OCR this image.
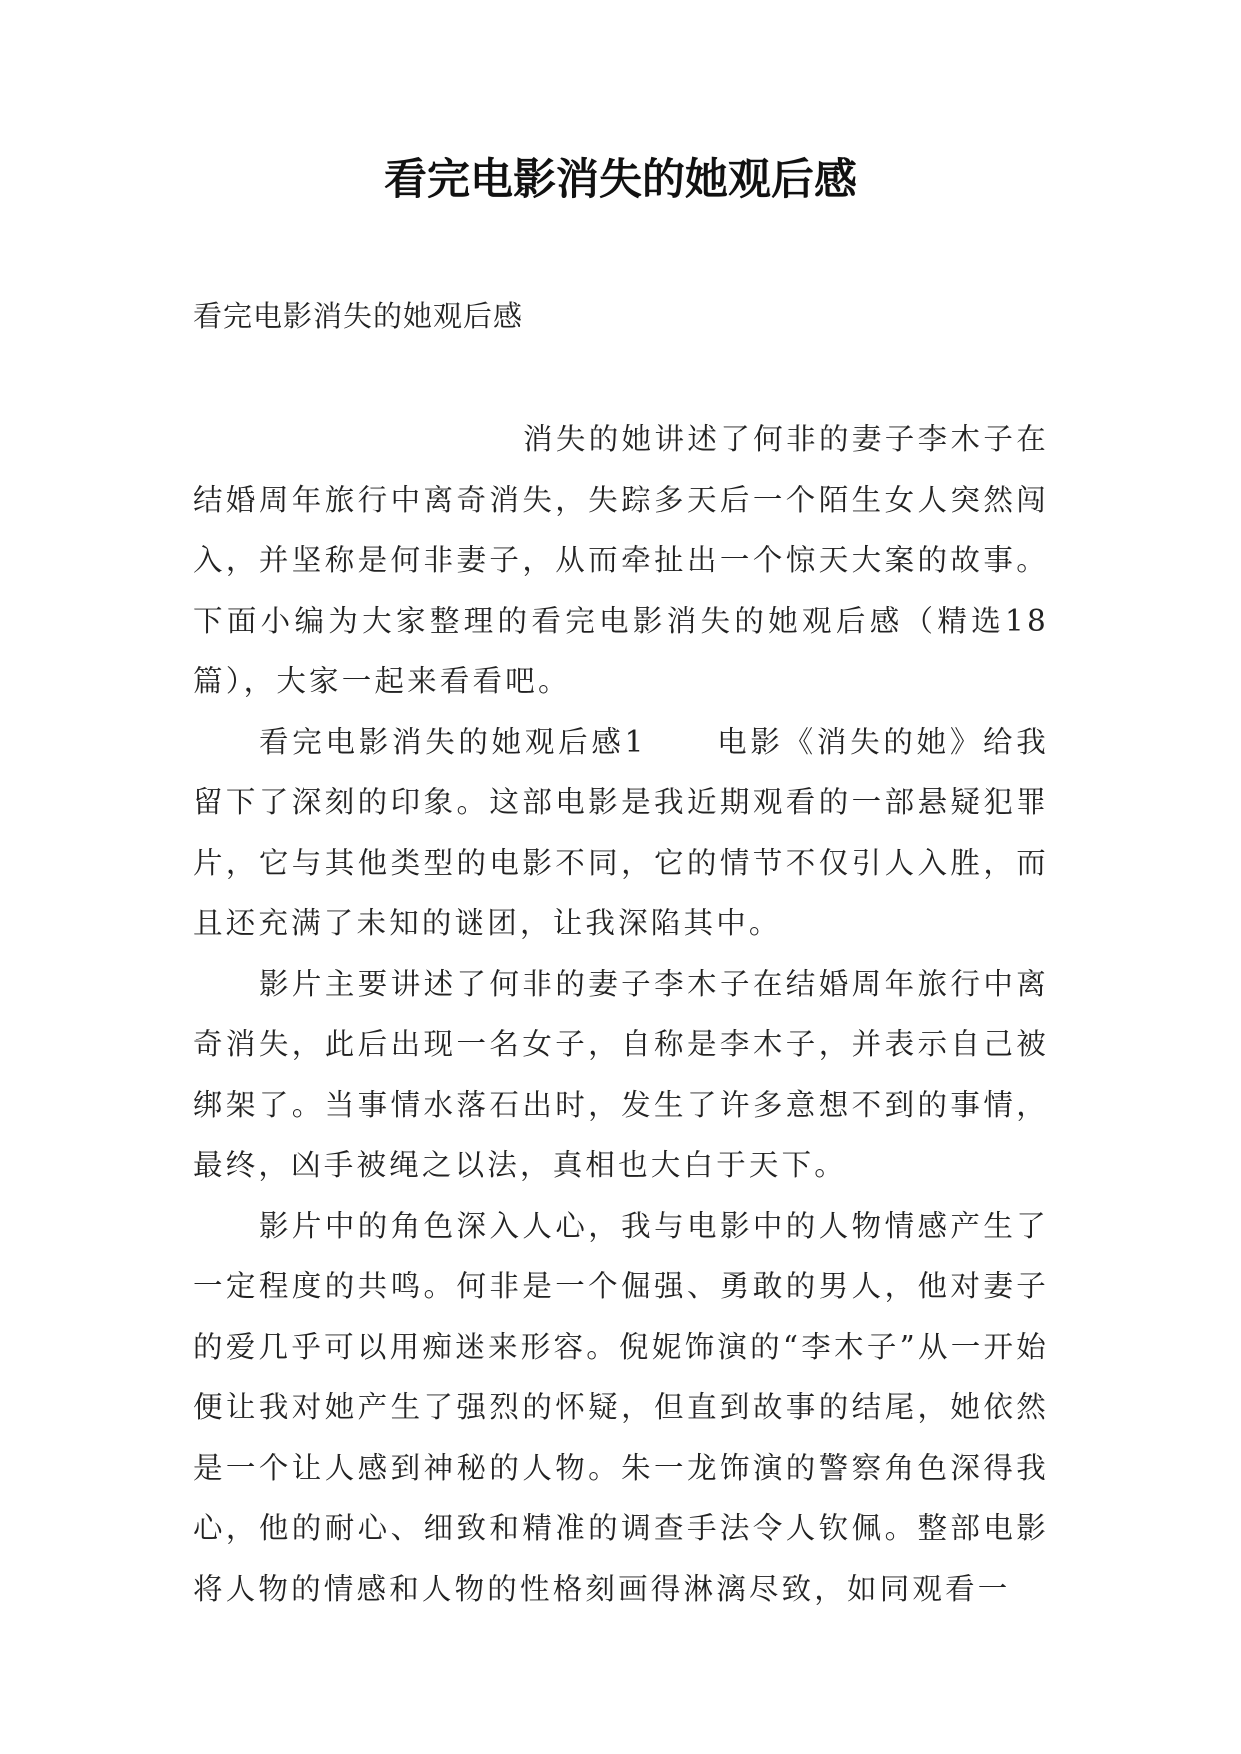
看完电影消失的她观后感

看完电影消失的她观后感

消失的她讲述了何非的妻子李木子在结婚周年旅行中离奇消失，失踪多天后一个陌生女人突然闯入，并坚称是何非妻子，从而牵扯出一个惊天大案的故事。下面小编为大家整理的看完电影消失的她观后感（精选18篇），大家一起来看看吧。

看完电影消失的她观后感1 电影《消失的她》给我留下了深刻的印象。这部电影是我近期观看的一部悬疑犯罪片，它与其他类型的电影不同，它的情节不仅引人入胜，而且还充满了未知的谜团，让我深陷其中。

影片主要讲述了何非的妻子李木子在结婚周年旅行中离奇消失，此后出现一名女子，自称是李木子，并表示自己被绑架了。当事情水落石出时，发生了许多意想不到的事情，最终，凶手被绳之以法，真相也大白于天下。

影片中的角色深入人心，我与电影中的人物情感产生了一定程度的共鸣。何非是一个倔强、勇敢的男人，他对妻子的爱几乎可以用痴迷来形容。倪妮饰演的“李木子”从一开始便让我对她产生了强烈的怀疑，但直到故事的结尾，她依然是一个让人感到神秘的人物。朱一龙饰演的警察角色深得我心，他的耐心、细致和精准的调查手法令人钦佩。整部电影将人物的情感和人物的性格刻画得淋漓尽致，如同观看一
